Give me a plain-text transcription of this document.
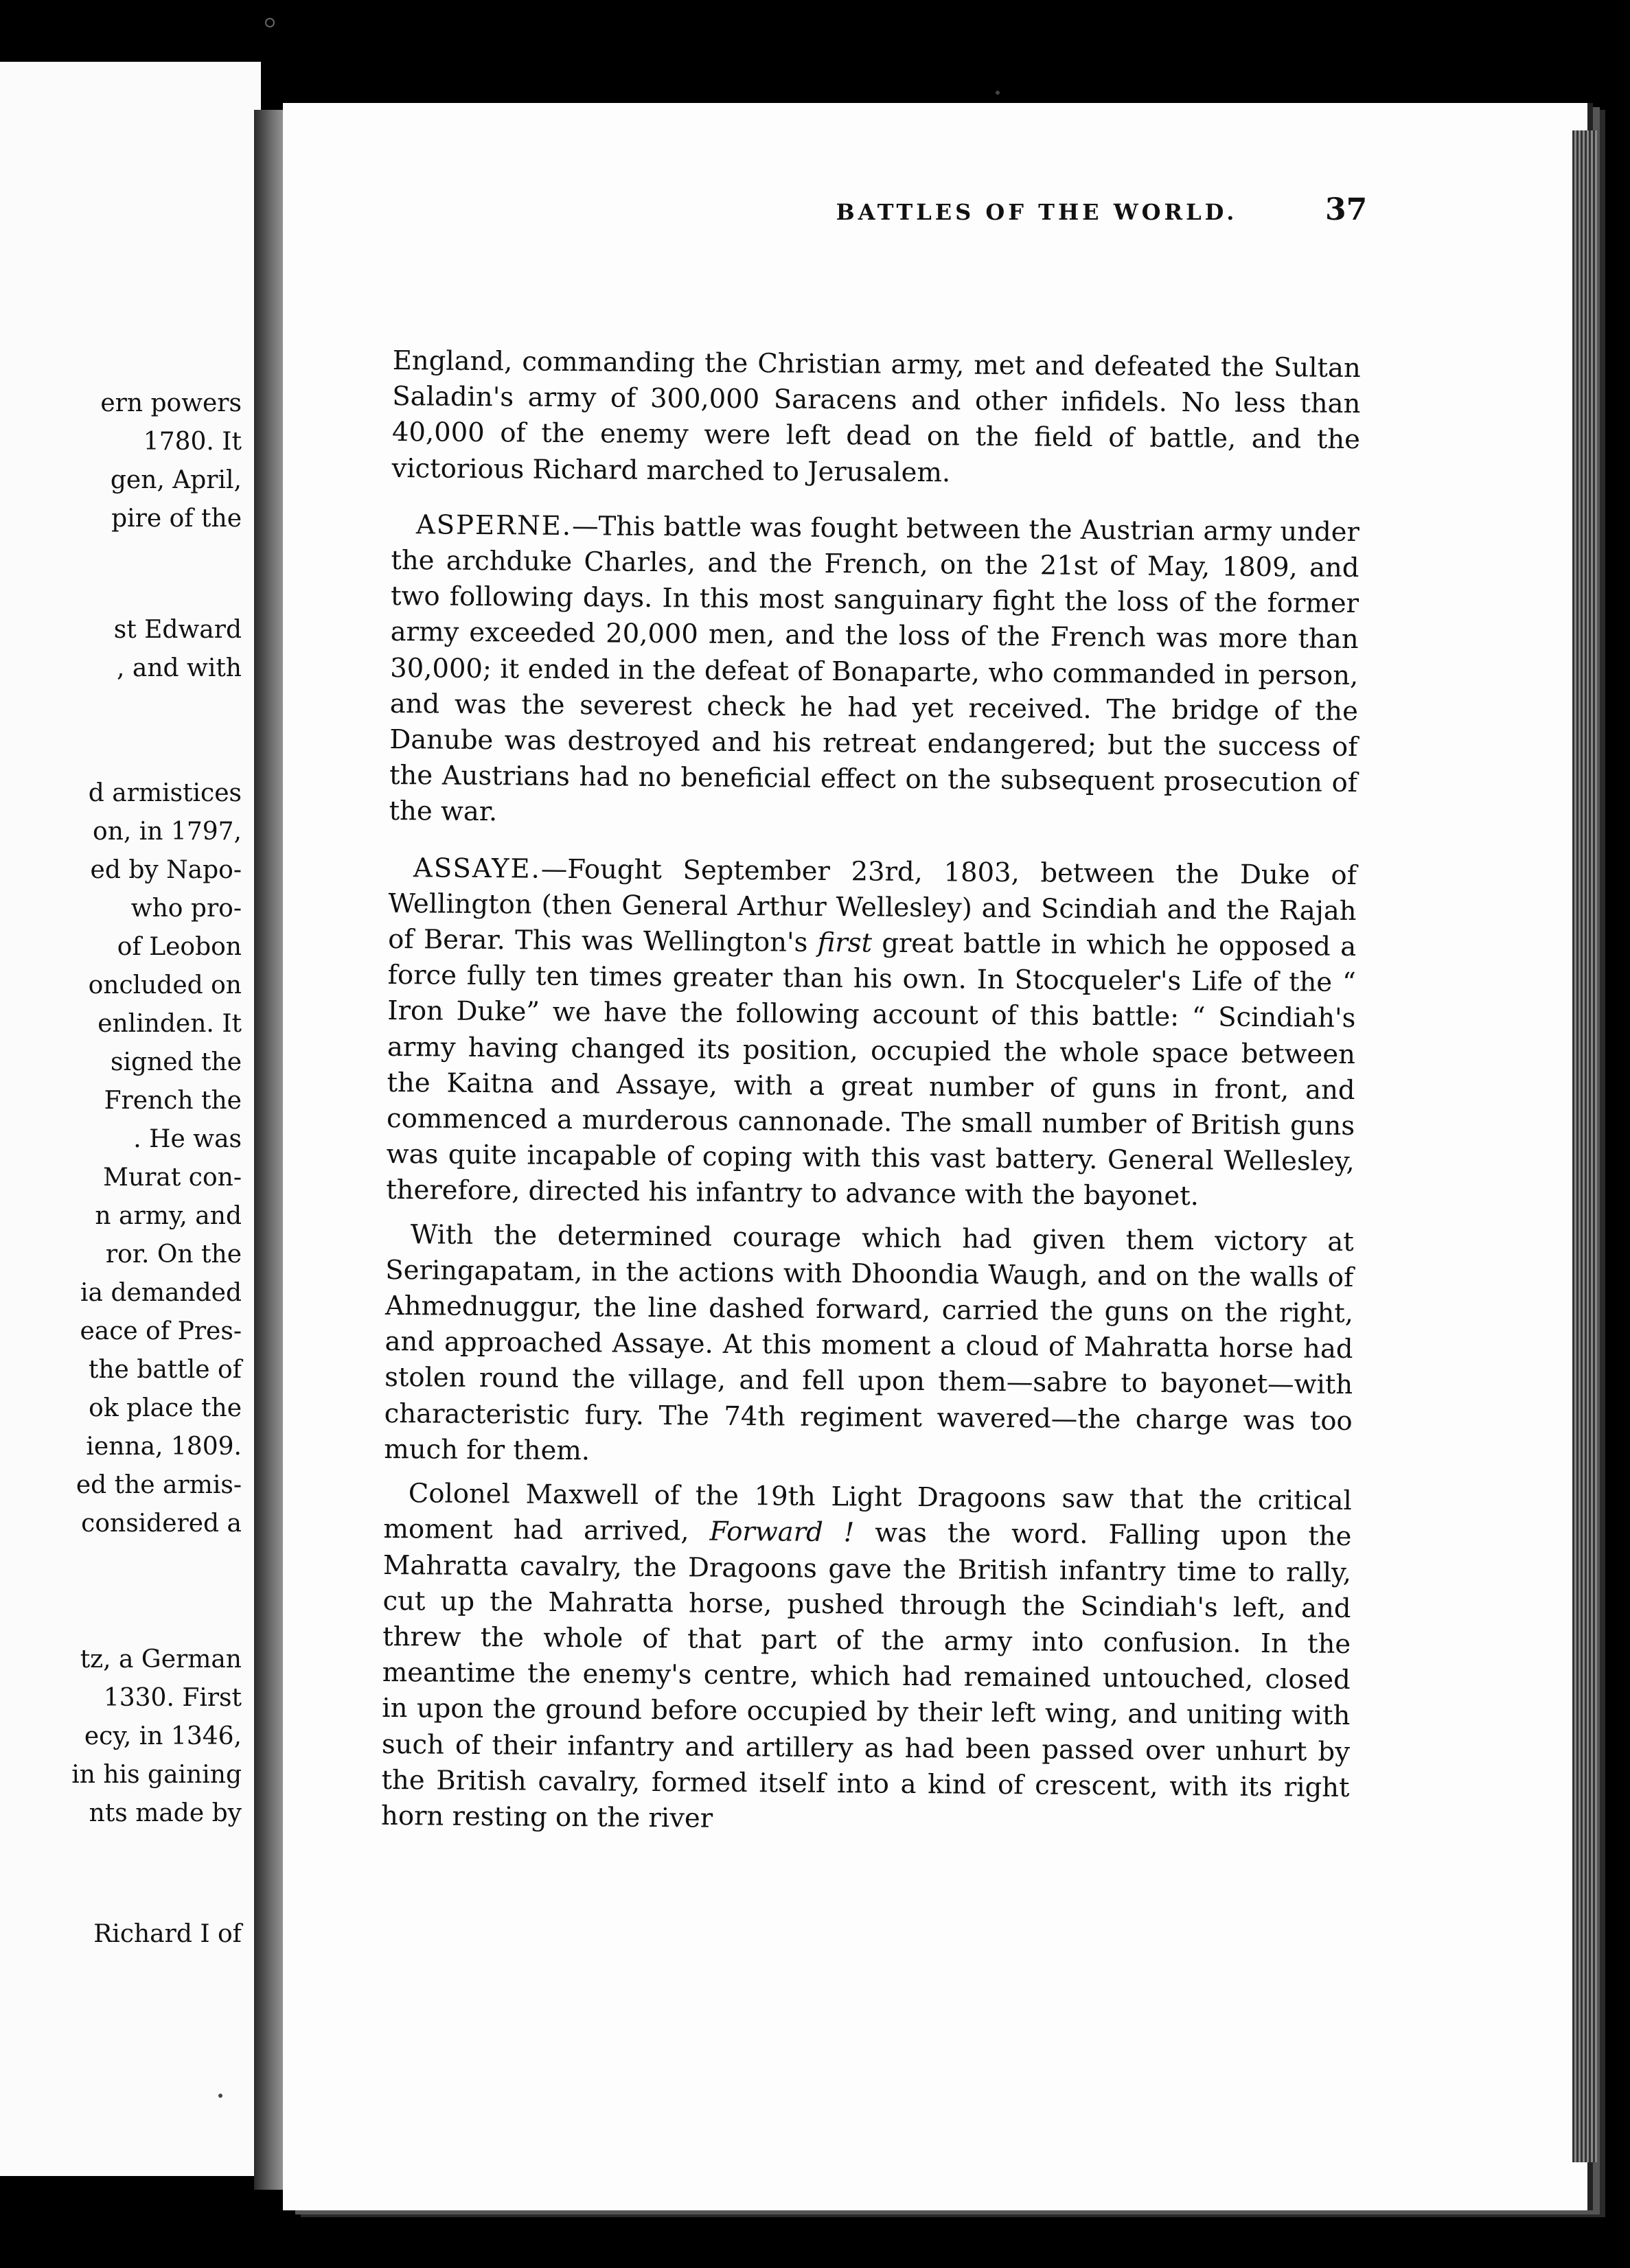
ern powers
1780. It
gen, April,
pire of the
st Edward
, and with
d armistices
on, in 1797,
ed by Napo-
who pro-
of Leobon
oncluded on
enlinden. It
signed the
French the
. He was
Murat con-
n army, and
ror. On the
ia demanded
eace of Pres-
the battle of
ok place the
ienna, 1809.
ed the armis-
considered a
tz, a German
1330. First
ecy, in 1346,
in his gaining
nts made by
Richard I of
BATTLES OF THE WORLD.	37

England, commanding the Christian army, met and defeated the Sultan Saladin's army of 300,000 Saracens and other infidels. No less than 40,000 of the enemy were left dead on the field of battle, and the victorious Richard marched to Jerusalem.

ASPERNE.—This battle was fought between the Austrian army under the archduke Charles, and the French, on the 21st of May, 1809, and two following days. In this most sanguinary fight the loss of the former army exceeded 20,000 men, and the loss of the French was more than 30,000; it ended in the defeat of Bonaparte, who commanded in person, and was the severest check he had yet received. The bridge of the Danube was destroyed and his retreat endangered; but the success of the Austrians had no beneficial effect on the subsequent prosecution of the war.

ASSAYE.—Fought September 23rd, 1803, between the Duke of Wellington (then General Arthur Wellesley) and Scindiah and the Rajah of Berar. This was Wellington's first great battle in which he opposed a force fully ten times greater than his own. In Stocqueler's Life of the “ Iron Duke” we have the following account of this battle: “ Scindiah's army having changed its position, occupied the whole space between the Kaitna and Assaye, with a great number of guns in front, and commenced a murderous cannonade. The small number of British guns was quite incapable of coping with this vast battery. General Wellesley, therefore, directed his infantry to advance with the bayonet.

With the determined courage which had given them victory at Seringapatam, in the actions with Dhoondia Waugh, and on the walls of Ahmednuggur, the line dashed forward, carried the guns on the right, and approached Assaye. At this moment a cloud of Mahratta horse had stolen round the village, and fell upon them—sabre to bayonet—with characteristic fury. The 74th regiment wavered—the charge was too much for them.

Colonel Maxwell of the 19th Light Dragoons saw that the critical moment had arrived, Forward ! was the word. Falling upon the Mahratta cavalry, the Dragoons gave the British infantry time to rally, cut up the Mahratta horse, pushed through the Scindiah's left, and threw the whole of that part of the army into confusion. In the meantime the enemy's centre, which had remained untouched, closed in upon the ground before occupied by their left wing, and uniting with such of their infantry and artillery as had been passed over unhurt by the British cavalry, formed itself into a kind of crescent, with its right horn resting on the river
